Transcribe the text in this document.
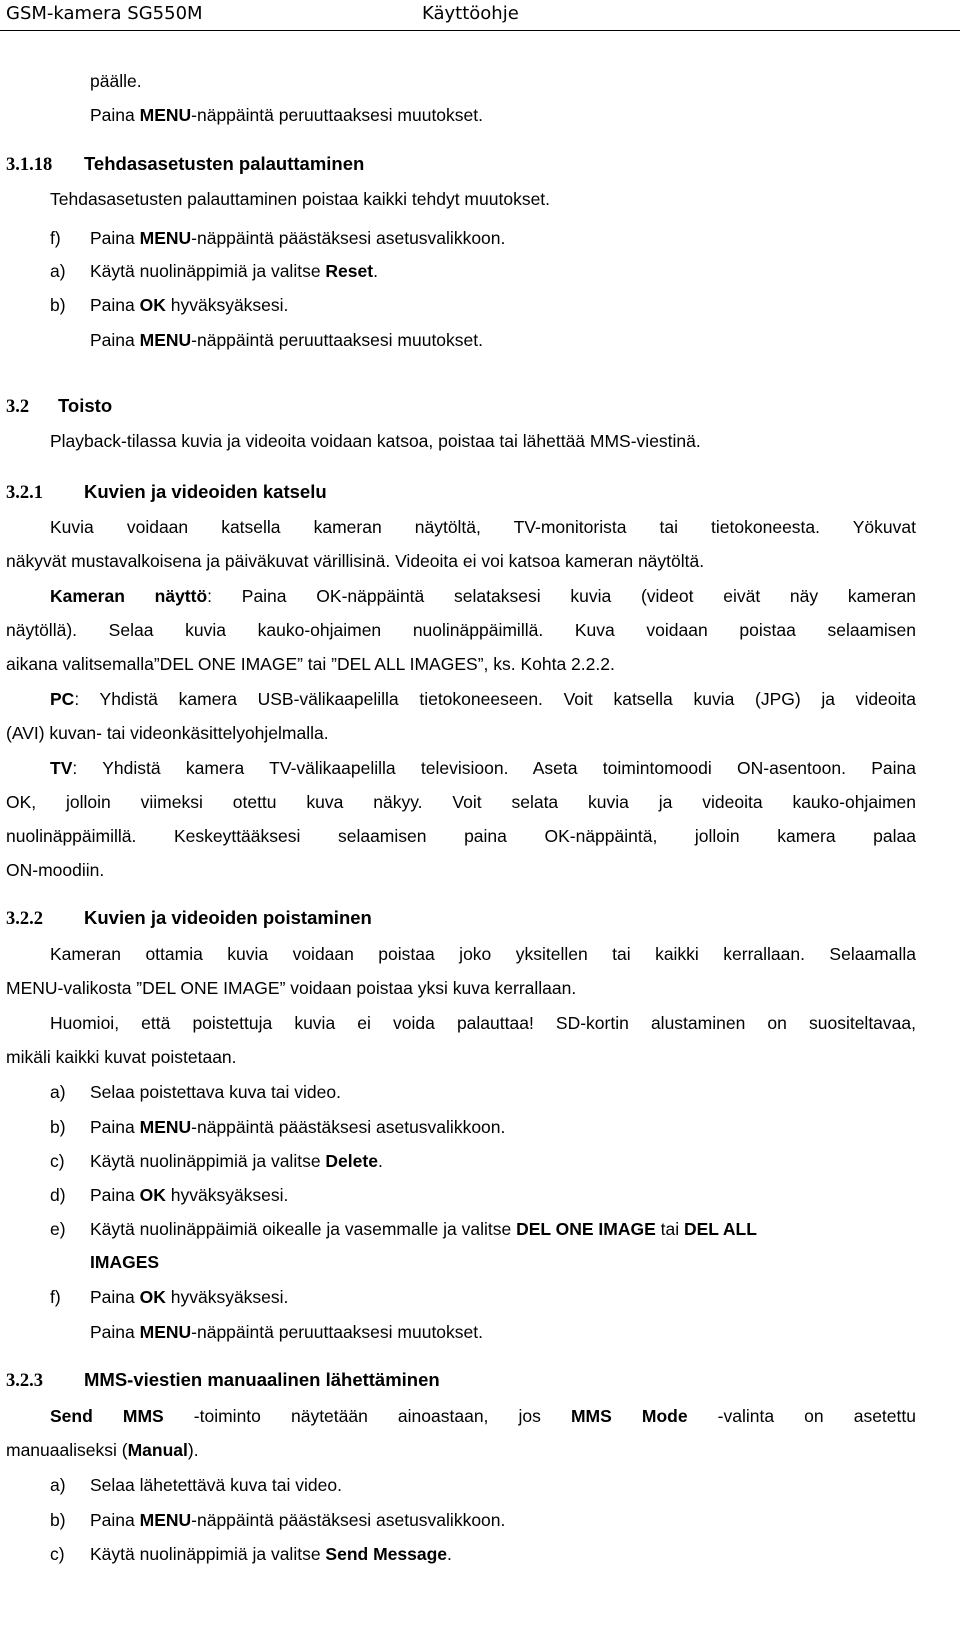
GSM-kamera SG550M	Käyttöohje
päälle.
Paina MENU-näppäintä peruuttaaksesi muutokset.
3.1.18 Tehdasasetusten palauttaminen
Tehdasasetusten palauttaminen poistaa kaikki tehdyt muutokset.
f) Paina MENU-näppäintä päästäksesi asetusvalikkoon.
a) Käytä nuolinäppimiä ja valitse Reset.
b) Paina OK hyväksyäksesi.
Paina MENU-näppäintä peruuttaaksesi muutokset.
3.2 Toisto
Playback-tilassa kuvia ja videoita voidaan katsoa, poistaa tai lähettää MMS-viestinä.
3.2.1 Kuvien ja videoiden katselu
Kuvia voidaan katsella kameran näytöltä, TV-monitorista tai tietokoneesta. Yökuvat
näkyvät mustavalkoisena ja päiväkuvat värillisinä. Videoita ei voi katsoa kameran näytöltä.
Kameran näyttö: Paina OK-näppäintä selataksesi kuvia (videot eivät näy kameran
näytöllä). Selaa kuvia kauko-ohjaimen nuolinäppäimillä. Kuva voidaan poistaa selaamisen
aikana valitsemalla”DEL ONE IMAGE” tai ”DEL ALL IMAGES”, ks. Kohta 2.2.2.
PC: Yhdistä kamera USB-välikaapelilla tietokoneeseen. Voit katsella kuvia (JPG) ja videoita
(AVI) kuvan- tai videonkäsittelyohjelmalla.
TV: Yhdistä kamera TV-välikaapelilla televisioon. Aseta toimintomoodi ON-asentoon. Paina
OK, jolloin viimeksi otettu kuva näkyy. Voit selata kuvia ja videoita kauko-ohjaimen
nuolinäppäimillä. Keskeyttääksesi selaamisen paina OK-näppäintä, jolloin kamera palaa
ON-moodiin.
3.2.2 Kuvien ja videoiden poistaminen
Kameran ottamia kuvia voidaan poistaa joko yksitellen tai kaikki kerrallaan. Selaamalla
MENU-valikosta ”DEL ONE IMAGE” voidaan poistaa yksi kuva kerrallaan.
Huomioi, että poistettuja kuvia ei voida palauttaa! SD-kortin alustaminen on suositeltavaa,
mikäli kaikki kuvat poistetaan.
a) Selaa poistettava kuva tai video.
b) Paina MENU-näppäintä päästäksesi asetusvalikkoon.
c) Käytä nuolinäppimiä ja valitse Delete.
d) Paina OK hyväksyäksesi.
e) Käytä nuolinäppäimiä oikealle ja vasemmalle ja valitse DEL ONE IMAGE tai DEL ALL
IMAGES
f) Paina OK hyväksyäksesi.
Paina MENU-näppäintä peruuttaaksesi muutokset.
3.2.3 MMS-viestien manuaalinen lähettäminen
Send MMS -toiminto näytetään ainoastaan, jos MMS Mode -valinta on asetettu
manuaaliseksi (Manual).
a) Selaa lähetettävä kuva tai video.
b) Paina MENU-näppäintä päästäksesi asetusvalikkoon.
c) Käytä nuolinäppimiä ja valitse Send Message.
